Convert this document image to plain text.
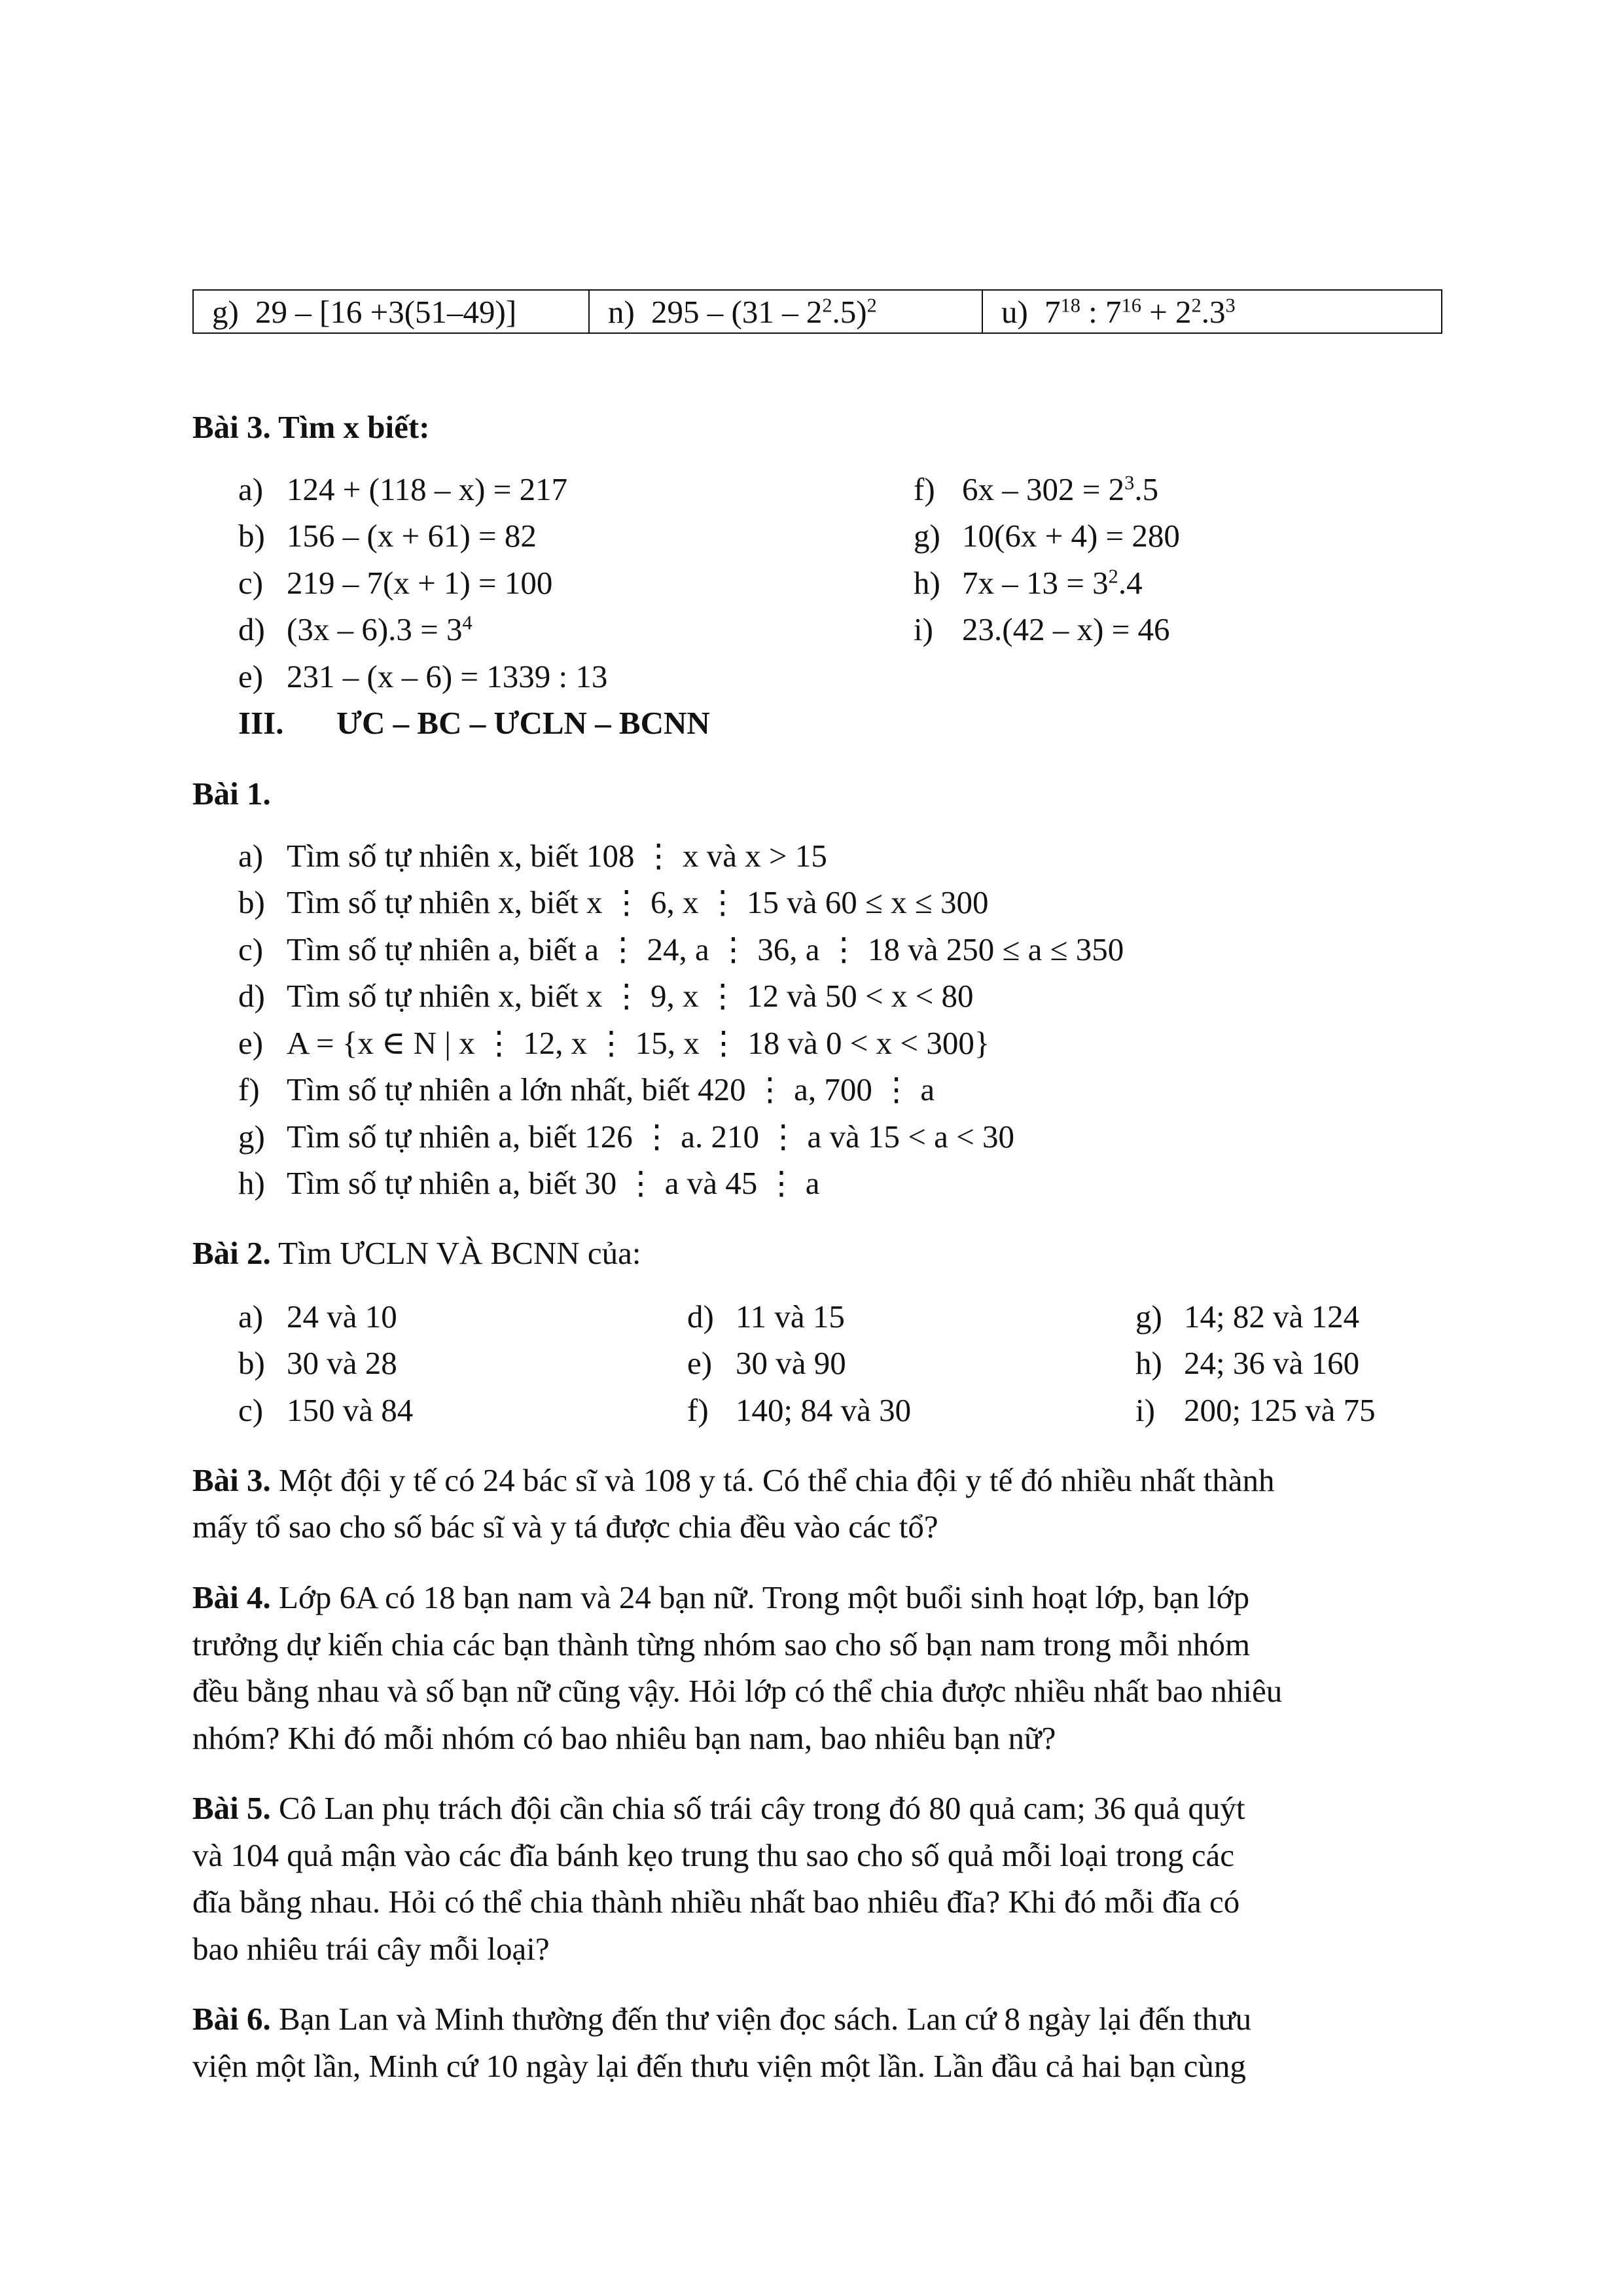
g) 29 – [16 +3(51–49)]	n) $295 - (31 - 2^2.5)^2$	u) $7^{18}$ : $7^{16} + 2^2.3^3$
Bài 3. Tìm x biết:
a) 124 + (118 – x) = 217
b) 156 – (x + 61) = 82
c) 219 – 7(x + 1) = 100
d) $(3x - 6).3 = 3^4$
e) 231 – (x – 6) = 1339 : 13
f) $6x - 302 = 2^3.5$
g) 10(6x + 4) = 280
h) $7x - 13 = 3^2.4$
i) 23.(42 – x) = 46
III. ƯC – BC – ƯCLN – BCNN
Bài 1.
a) Tìm số tự nhiên x, biết 108 ⋮ x và x > 15
b) Tìm số tự nhiên x, biết x ⋮ 6, x ⋮ 15 và 60 ≤ x ≤ 300
c) Tìm số tự nhiên a, biết a ⋮ 24, a ⋮ 36, a ⋮ 18 và 250 ≤ a ≤ 350
d) Tìm số tự nhiên x, biết x ⋮ 9, x ⋮ 12 và 50 < x < 80
e) A = {x ∈ N | x ⋮ 12, x ⋮ 15, x ⋮ 18 và 0 < x < 300}
f) Tìm số tự nhiên a lớn nhất, biết 420 ⋮ a, 700 ⋮ a
g) Tìm số tự nhiên a, biết 126 ⋮ a. 210 ⋮ a và 15 < a < 30
h) Tìm số tự nhiên a, biết 30 ⋮ a và 45 ⋮ a
Bài 2. Tìm ƯCLN VÀ BCNN của:
a) 24 và 10
b) 30 và 28
c) 150 và 84
d) 11 và 15
e) 30 và 90
f) 140; 84 và 30
g) 14; 82 và 124
h) 24; 36 và 160
i) 200; 125 và 75
Bài 3. Một đội y tế có 24 bác sĩ và 108 y tá. Có thể chia đội y tế đó nhiều nhất thành
mấy tổ sao cho số bác sĩ và y tá được chia đều vào các tổ?
Bài 4. Lớp 6A có 18 bạn nam và 24 bạn nữ. Trong một buổi sinh hoạt lớp, bạn lớp
trưởng dự kiến chia các bạn thành từng nhóm sao cho số bạn nam trong mỗi nhóm
đều bằng nhau và số bạn nữ cũng vậy. Hỏi lớp có thể chia được nhiều nhất bao nhiêu
nhóm? Khi đó mỗi nhóm có bao nhiêu bạn nam, bao nhiêu bạn nữ?
Bài 5. Cô Lan phụ trách đội cần chia số trái cây trong đó 80 quả cam; 36 quả quýt
và 104 quả mận vào các đĩa bánh kẹo trung thu sao cho số quả mỗi loại trong các
đĩa bằng nhau. Hỏi có thể chia thành nhiều nhất bao nhiêu đĩa? Khi đó mỗi đĩa có
bao nhiêu trái cây mỗi loại?
Bài 6. Bạn Lan và Minh thường đến thư viện đọc sách. Lan cứ 8 ngày lại đến thưu
viện một lần, Minh cứ 10 ngày lại đến thưu viện một lần. Lần đầu cả hai bạn cùng
